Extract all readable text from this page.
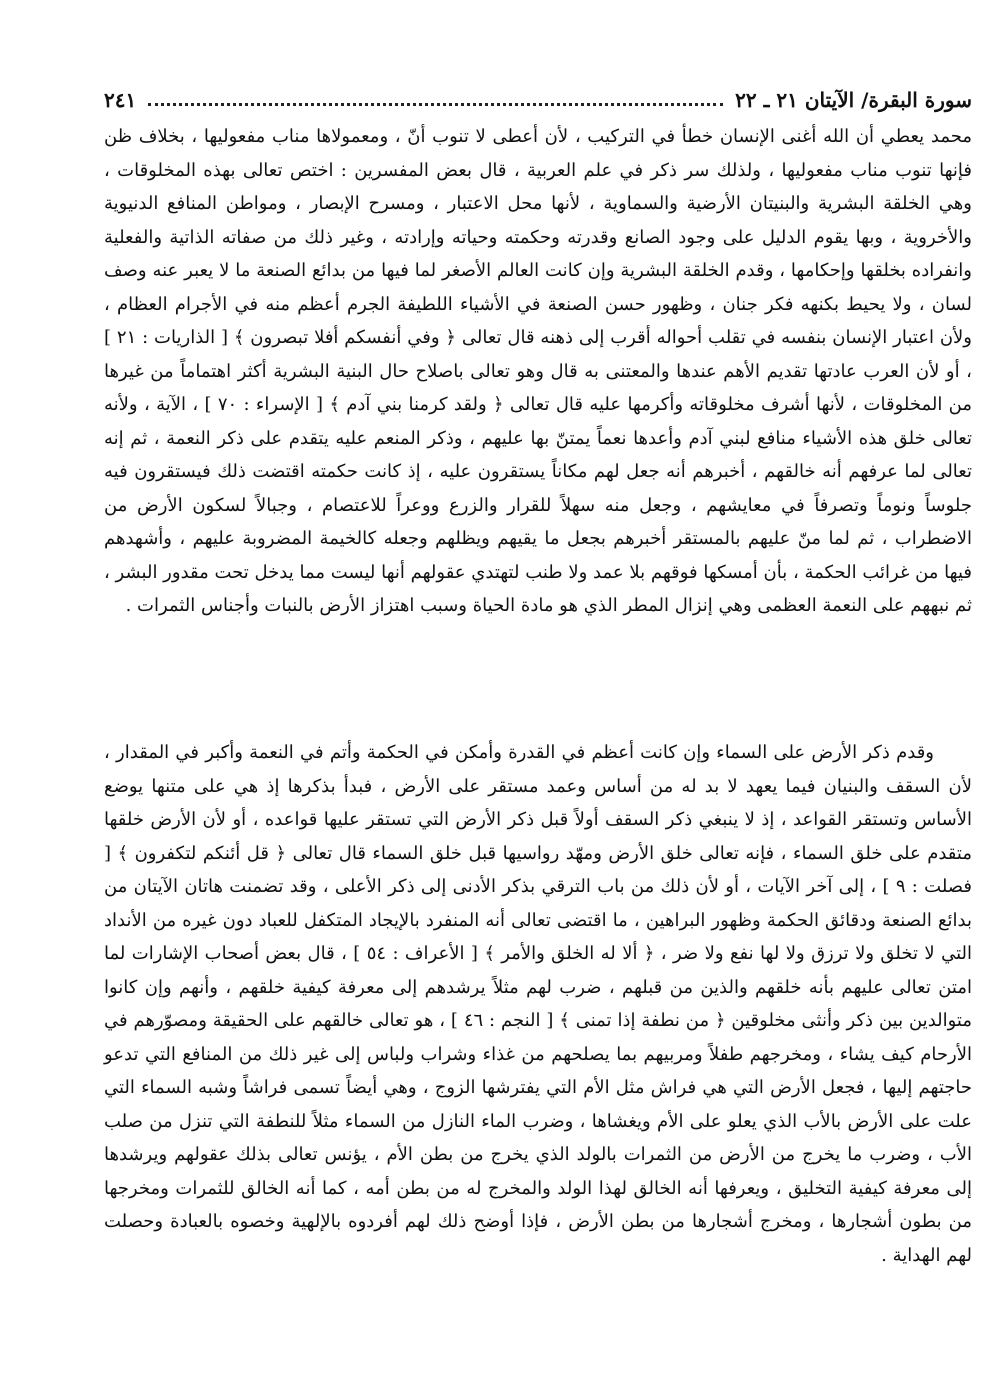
سورة البقرة/ الآيتان ٢١ ـ ٢٢
٢٤١

محمد يعطي أن الله أغنى الإنسان خطأ في التركيب ، لأن أعطى لا تنوب أنّ ، ومعمولاها مناب مفعوليها ، بخلاف ظن فإنها تنوب مناب مفعوليها ، ولذلك سر ذكر في علم العربية ، قال بعض المفسرين : اختص تعالى بهذه المخلوقات ، وهي الخلقة البشرية والبنيتان الأرضية والسماوية ، لأنها محل الاعتبار ، ومسرح الإبصار ، ومواطن المنافع الدنيوية والأخروية ، وبها يقوم الدليل على وجود الصانع وقدرته وحكمته وحياته وإرادته ، وغير ذلك من صفاته الذاتية والفعلية وانفراده بخلقها وإحكامها ، وقدم الخلقة البشرية وإن كانت العالم الأصغر لما فيها من بدائع الصنعة ما لا يعبر عنه وصف لسان ، ولا يحيط بكنهه فكر جنان ، وظهور حسن الصنعة في الأشياء اللطيفة الجرم أعظم منه في الأجرام العظام ، ولأن اعتبار الإنسان بنفسه في تقلب أحواله أقرب إلى ذهنه قال تعالى ﴿ وفي أنفسكم أفلا تبصرون ﴾ [ الذاريات : ٢١ ] ، أو لأن العرب عادتها تقديم الأهم عندها والمعتنى به قال وهو تعالى باصلاح حال البنية البشرية أكثر اهتماماً من غيرها من المخلوقات ، لأنها أشرف مخلوقاته وأكرمها عليه قال تعالى ﴿ ولقد كرمنا بني آدم ﴾ [ الإسراء : ٧٠ ] ، الآية ، ولأنه تعالى خلق هذه الأشياء منافع لبني آدم وأعدها نعماً يمتنّ بها عليهم ، وذكر المنعم عليه يتقدم على ذكر النعمة ، ثم إنه تعالى لما عرفهم أنه خالقهم ، أخبرهم أنه جعل لهم مكاناً يستقرون عليه ، إذ كانت حكمته اقتضت ذلك فيستقرون فيه جلوساً ونوماً وتصرفاً في معايشهم ، وجعل منه سهلاً للقرار والزرع ووعراً للاعتصام ، وجبالاً لسكون الأرض من الاضطراب ، ثم لما منّ عليهم بالمستقر أخبرهم بجعل ما يقيهم ويظلهم وجعله كالخيمة المضروبة عليهم ، وأشهدهم فيها من غرائب الحكمة ، بأن أمسكها فوقهم بلا عمد ولا طنب لتهتدي عقولهم أنها ليست مما يدخل تحت مقدور البشر ، ثم نبههم على النعمة العظمى وهي إنزال المطر الذي هو مادة الحياة وسبب اهتزاز الأرض بالنبات وأجناس الثمرات .

وقدم ذكر الأرض على السماء وإن كانت أعظم في القدرة وأمكن في الحكمة وأتم في النعمة وأكبر في المقدار ، لأن السقف والبنيان فيما يعهد لا بد له من أساس وعمد مستقر على الأرض ، فبدأ بذكرها إذ هي على متنها يوضع الأساس وتستقر القواعد ، إذ لا ينبغي ذكر السقف أولاً قبل ذكر الأرض التي تستقر عليها قواعده ، أو لأن الأرض خلقها متقدم على خلق السماء ، فإنه تعالى خلق الأرض ومهّد رواسيها قبل خلق السماء قال تعالى ﴿ قل أئنكم لتكفرون ﴾ [ فصلت : ٩ ] ، إلى آخر الآيات ، أو لأن ذلك من باب الترقي بذكر الأدنى إلى ذكر الأعلى ، وقد تضمنت هاتان الآيتان من بدائع الصنعة ودقائق الحكمة وظهور البراهين ، ما اقتضى تعالى أنه المنفرد بالإيجاد المتكفل للعباد دون غيره من الأنداد التي لا تخلق ولا ترزق ولا لها نفع ولا ضر ، ﴿ ألا له الخلق والأمر ﴾ [ الأعراف : ٥٤ ] ، قال بعض أصحاب الإشارات لما امتن تعالى عليهم بأنه خلقهم والذين من قبلهم ، ضرب لهم مثلاً يرشدهم إلى معرفة كيفية خلقهم ، وأنهم وإن كانوا متوالدين بين ذكر وأنثى مخلوقين ﴿ من نطفة إذا تمنى ﴾ [ النجم : ٤٦ ] ، هو تعالى خالقهم على الحقيقة ومصوّرهم في الأرحام كيف يشاء ، ومخرجهم طفلاً ومربيهم بما يصلحهم من غذاء وشراب ولباس إلى غير ذلك من المنافع التي تدعو حاجتهم إليها ، فجعل الأرض التي هي فراش مثل الأم التي يفترشها الزوج ، وهي أيضاً تسمى فراشاً وشبه السماء التي علت على الأرض بالأب الذي يعلو على الأم ويغشاها ، وضرب الماء النازل من السماء مثلاً للنطفة التي تنزل من صلب الأب ، وضرب ما يخرج من الأرض من الثمرات بالولد الذي يخرج من بطن الأم ، يؤنس تعالى بذلك عقولهم ويرشدها إلى معرفة كيفية التخليق ، ويعرفها أنه الخالق لهذا الولد والمخرج له من بطن أمه ، كما أنه الخالق للثمرات ومخرجها من بطون أشجارها ، ومخرج أشجارها من بطن الأرض ، فإذا أوضح ذلك لهم أفردوه بالإلهية وخصوه بالعبادة وحصلت لهم الهداية .
